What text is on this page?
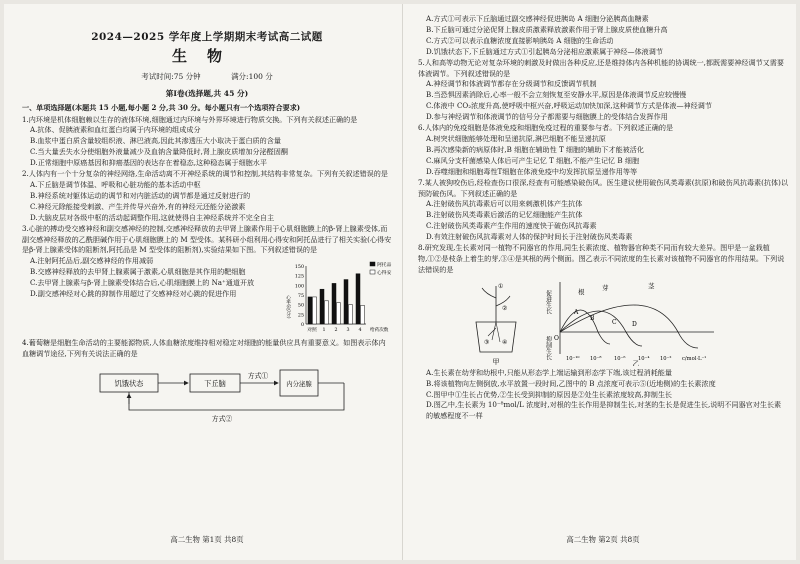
2024—2025 学年度上学期期末考试高二试题
生物
考试时间:75 分钟	满分:100 分
第Ⅰ卷(选择题,共 45 分)

一、单项选择题(本题共 15 小题,每小题 2 分,共 30 分。每小题只有一个选项符合要求)

1.内环境是机体细胞赖以生存的液体环境,细胞通过内环境与外界环境进行物质交换。下列有关叙述正确的是

A.抗体、促胰液素和血红蛋白均属于内环境的组成成分

B.血浆中蛋白质含量较组织液、淋巴液高,因此其渗透压大小取决于蛋白质的含量

C.当大量丢失水分使细胞外液量减少及血钠含量降低时,肾上腺皮质增加分泌醛固酮

D.正常细胞中原癌基因和抑癌基因的表达存在着稳态,这种稳态属于细胞水平

2.人体内有一个十分复杂的神经网络,生命活动离不开神经系统的调节和控制,其结构非常复杂。下列有关叙述错误的是

A.下丘脑是调节体温、呼吸和心脏功能的基本活动中枢

B.神经系统对躯体运动的调节和对内脏活动的调节都是通过反射进行的

C.神经元除能接受刺激、产生并传导兴奋外,有的神经元还能分泌激素

D.大脑皮层对各级中枢的活动起调整作用,这就使得自主神经系统并不完全自主

3.心脏的搏动受交感神经和副交感神经的控制,交感神经释放的去甲肾上腺素作用于心肌细胞膜上的β-肾上腺素受体,而副交感神经释放的乙酰胆碱作用于心肌细胞膜上的 M 型受体。某科研小组利用心得安和阿托品进行了相关实验(心得安是β-肾上腺素受体的阻断剂,阿托品是 M 型受体的阻断剂),实验结果如下图。下列叙述错误的是

A.注射阿托品后,副交感神经的作用减弱

B.交感神经释放的去甲肾上腺素属于激素,心肌细胞是其作用的靶细胞

C.去甲肾上腺素与β-肾上腺素受体结合后,心肌细胞膜上的 Na⁺通道开放

D.副交感神经对心跳的抑制作用超过了交感神经对心跳的促进作用

150
125
100
75
50
25
0
心率(次/分)
对照 1 2 3 4 给药次数
阿托品
心得安

4.葡萄糖是细胞生命活动的主要能源物质,人体血糖浓度维持相对稳定对细胞的能量供应具有重要意义。如图表示体内血糖调节途径,下列有关说法正确的是

饥饿状态	下丘脑
方式①
内分泌腺
方式②
高二生物 第1页 共8页

A.方式①可表示下丘脑通过副交感神经促进胰岛 A 细胞分泌胰高血糖素

B.下丘脑可通过分泌促肾上腺皮质激素释放激素作用于肾上腺皮质使血糖升高

C.方式②可以表示血糖浓度直接影响胰岛 A 细胞的生命活动

D.饥饿状态下,下丘脑通过方式①引起胰岛分泌相应激素属于神经—体液调节

5.人和高等动物无论对复杂环境的刺激及时做出各种反应,还是维持体内各种机能的协调统一,都既需要神经调节又需要体液调节。下列叙述错误的是

A.神经调节和体液调节都存在分级调节和反馈调节机制

B.当恐惧因素消除后,心率一般不会立刻恢复至安静水平,原因是体液调节反应较慢慢

C.体液中 CO₂浓度升高,使呼吸中枢兴奋,呼吸运动加快加深,这种调节方式是体液—神经调节

D.参与神经调节和体液调节的信号分子都需要与细胞膜上的受体结合发挥作用

6.人体内的免疫细胞是体液免疫和细胞免疫过程的重要参与者。下列叙述正确的是

A.树突状细胞能够处理和呈递抗原,淋巴细胞不能呈递抗原

B.再次感染新的病原体时,B 细胞在辅助性 T 细胞的辅助下才能被活化

C.麻风分支杆菌感染人体后可产生记忆 T 细胞,不能产生记忆 B 细胞

D.吞噬细胞和细胞毒性T细胞在体液免疫中均发挥抗原呈递作用等等

7.某人被狗咬伤后,经检查伤口很深,经查有可能感染破伤风。医生建议使用破伤风类毒素(抗原)和破伤风抗毒素(抗体)以预防破伤风。下列叙述正确的是

A.注射破伤风抗毒素后可以用来刺激机体产生抗体

B.注射破伤风类毒素后激活的记忆细胞能产生抗体

C.注射破伤风类毒素产生作用的速度快于破伤风抗毒素

D.有效注射破伤风抗毒素对人体的保护时间长于注射破伤风类毒素

8.研究发现,生长素对同一植物不同器官的作用,同生长素浓度、植物器官种类不同而有较大差异。图甲是一盆栽植物,①②是枝条上着生的芽,③④是其根的两个侧面。图乙表示不同浓度的生长素对该植物不同器官的作用结果。下列说法错误的是

①
②
③ ④
甲
促进生长
抑制生长 O
根	芽	茎
A
B
C	D
10⁻¹⁰ 10⁻⁸ 10⁻⁶ 10⁻⁴ 10⁻² c/mol·L⁻¹
乙

A.生长素在幼芽和幼根中,只能从形态学上端运输到形态学下端,该过程消耗能量

B.将该植物向左侧倒放,水平放置一段时间,乙图中的 B 点浓度可表示⑤(近地侧)的生长素浓度

C.图甲中①生长占优势,②生长受到抑制的原因是②处生长素浓度较高,抑制生长

D.图乙中,生长素为 10⁻⁸mol/L 浓度时,对根的生长作用是抑制生长,对茎的生长是促进生长,说明不同器官对生长素的敏感程度不一样

高二生物 第2页 共8页
